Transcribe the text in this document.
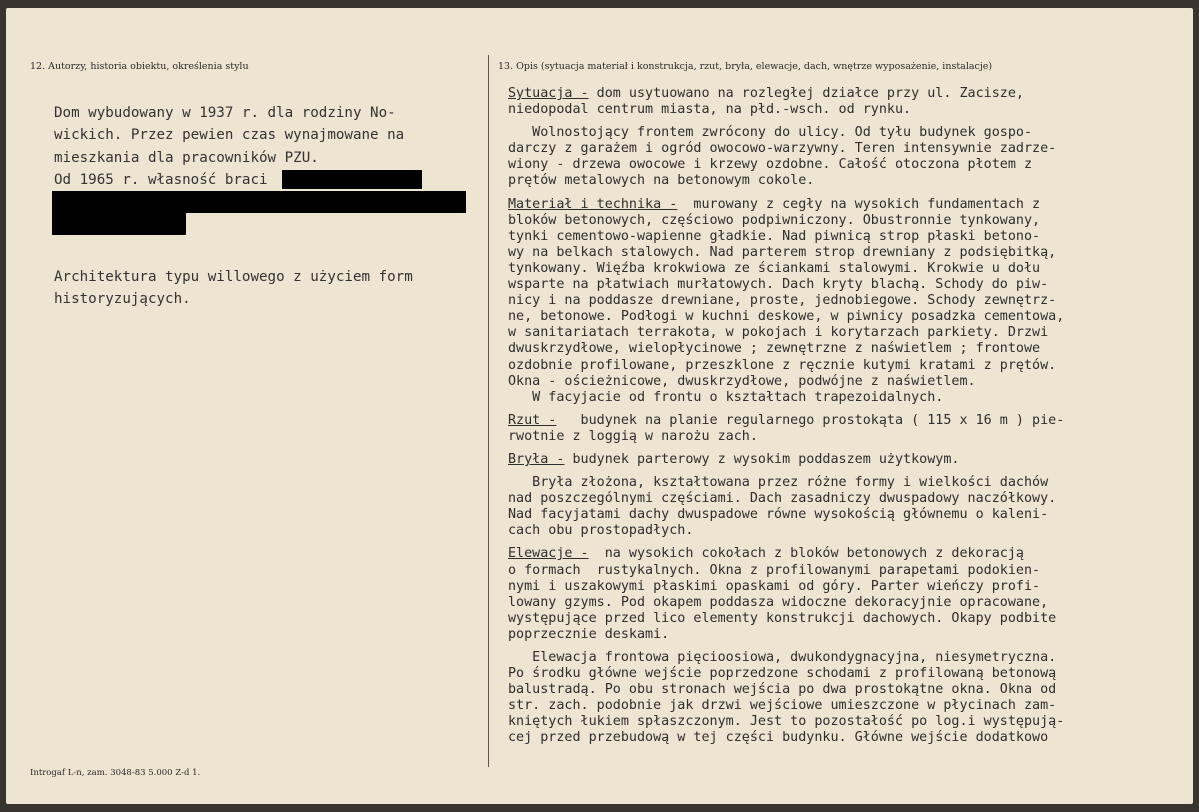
12. Autorzy, historia obiektu, określenia stylu	13. Opis (sytuacja materiał i konstrukcja, rzut, bryła, elewacje, dach, wnętrze wyposażenie, instalacje)
Dom wybudowany w 1937 r. dla rodziny No-
wickich. Przez pewien czas wynajmowane na
mieszkania dla pracowników PZU.
Od 1965 r. własność braci
Architektura typu willowego z użyciem form
historyzujących.
Sytuacja - dom usytuowano na rozległej działce przy ul. Zacisze,
niedopodal centrum miasta, na płd.-wsch. od rynku.
Wolnostojący frontem zwrócony do ulicy. Od tyłu budynek gospo-
darczy z garażem i ogród owocowo-warzywny. Teren intensywnie zadrze-
wiony - drzewa owocowe i krzewy ozdobne. Całość otoczona płotem z
prętów metalowych na betonowym cokole.
Materiał i technika -  murowany z cegły na wysokich fundamentach z
bloków betonowych, częściowo podpiwniczony. Obustronnie tynkowany,
tynki cementowo-wapienne gładkie. Nad piwnicą strop płaski betono-
wy na belkach stalowych. Nad parterem strop drewniany z podsiębitką,
tynkowany. Więźba krokwiowa ze ściankami stalowymi. Krokwie u dołu
wsparte na płatwiach murłatowych. Dach kryty blachą. Schody do piw-
nicy i na poddasze drewniane, proste, jednobiegowe. Schody zewnętrz-
ne, betonowe. Podłogi w kuchni deskowe, w piwnicy posadzka cementowa,
w sanitariatach terrakota, w pokojach i korytarzach parkiety. Drzwi
dwuskrzydłowe, wielopłycinowe ; zewnętrzne z naświetlem ; frontowe
ozdobnie profilowane, przeszklone z ręcznie kutymi kratami z prętów.
Okna - ościeżnicowe, dwuskrzydłowe, podwójne z naświetlem.
W facyjacie od frontu o kształtach trapezoidalnych.
Rzut -   budynek na planie regularnego prostokąta ( 115 x 16 m ) pie-
rwotnie z loggią w narożu zach.
Bryła - budynek parterowy z wysokim poddaszem użytkowym.
Bryła złożona, kształtowana przez różne formy i wielkości dachów
nad poszczególnymi częściami. Dach zasadniczy dwuspadowy naczółkowy.
Nad facyjatami dachy dwuspadowe równe wysokością głównemu o kaleni-
cach obu prostopadłych.
Elewacje -  na wysokich cokołach z bloków betonowych z dekoracją
o formach  rustykalnych. Okna z profilowanymi parapetami podokien-
nymi i uszakowymi płaskimi opaskami od góry. Parter wieńczy profi-
lowany gzyms. Pod okapem poddasza widoczne dekoracyjnie opracowane,
występujące przed lico elementy konstrukcji dachowych. Okapy podbite
poprzecznie deskami.
Elewacja frontowa pięcioosiowa, dwukondygnacyjna, niesymetryczna.
Po środku główne wejście poprzedzone schodami z profilowaną betonową
balustradą. Po obu stronach wejścia po dwa prostokątne okna. Okna od
str. zach. podobnie jak drzwi wejściowe umieszczone w płycinach zam-
kniętych łukiem spłaszczonym. Jest to pozostałość po log.i występują-
cej przed przebudową w tej części budynku. Główne wejście dodatkowo
Introgaf L-n, zam. 3048-83 5.000 Z-d 1.
